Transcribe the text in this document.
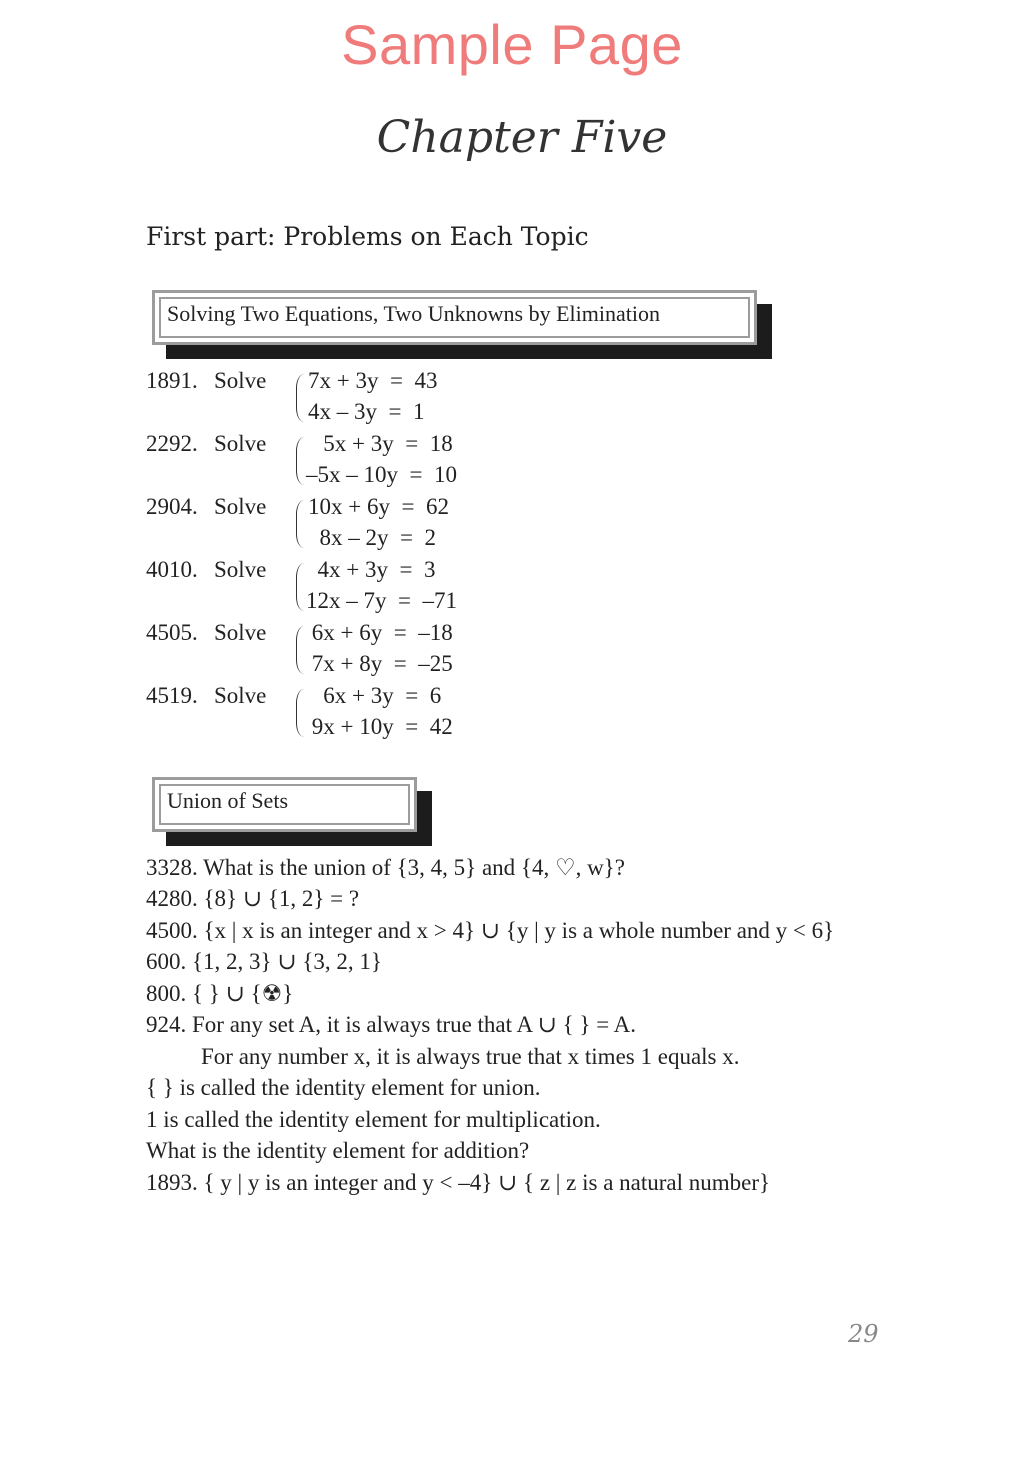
Sample Page
Chapter Five
First part: Problems on Each Topic
Solving Two Equations, Two Unknowns by Elimination
1891. Solve 7x + 3y  =  43
4x – 3y  =  1
2292. Solve 5x + 3y  =  18
–5x – 10y  =  10
2904. Solve 10x + 6y  =  62
8x – 2y  =  2
4010. Solve 4x + 3y  =  3
12x – 7y  =  –71
4505. Solve 6x + 6y  =  –18
7x + 8y  =  –25
4519. Solve 6x + 3y  =  6
9x + 10y  =  42
Union of Sets
3328. What is the union of {3, 4, 5} and {4, ♡, w}?
4280. {8} ∪ {1, 2} = ?
4500. {x | x is an integer and x > 4} ∪ {y | y is a whole number and y < 6}
600. {1, 2, 3} ∪ {3, 2, 1}
800. { } ∪ {☢}
924. For any set A, it is always true that A ∪ { } = A.
For any number x, it is always true that x times 1 equals x.
{ } is called the identity element for union.
1 is called the identity element for multiplication.
What is the identity element for addition?
1893. { y | y is an integer and y < –4} ∪ { z | z is a natural number}
29
